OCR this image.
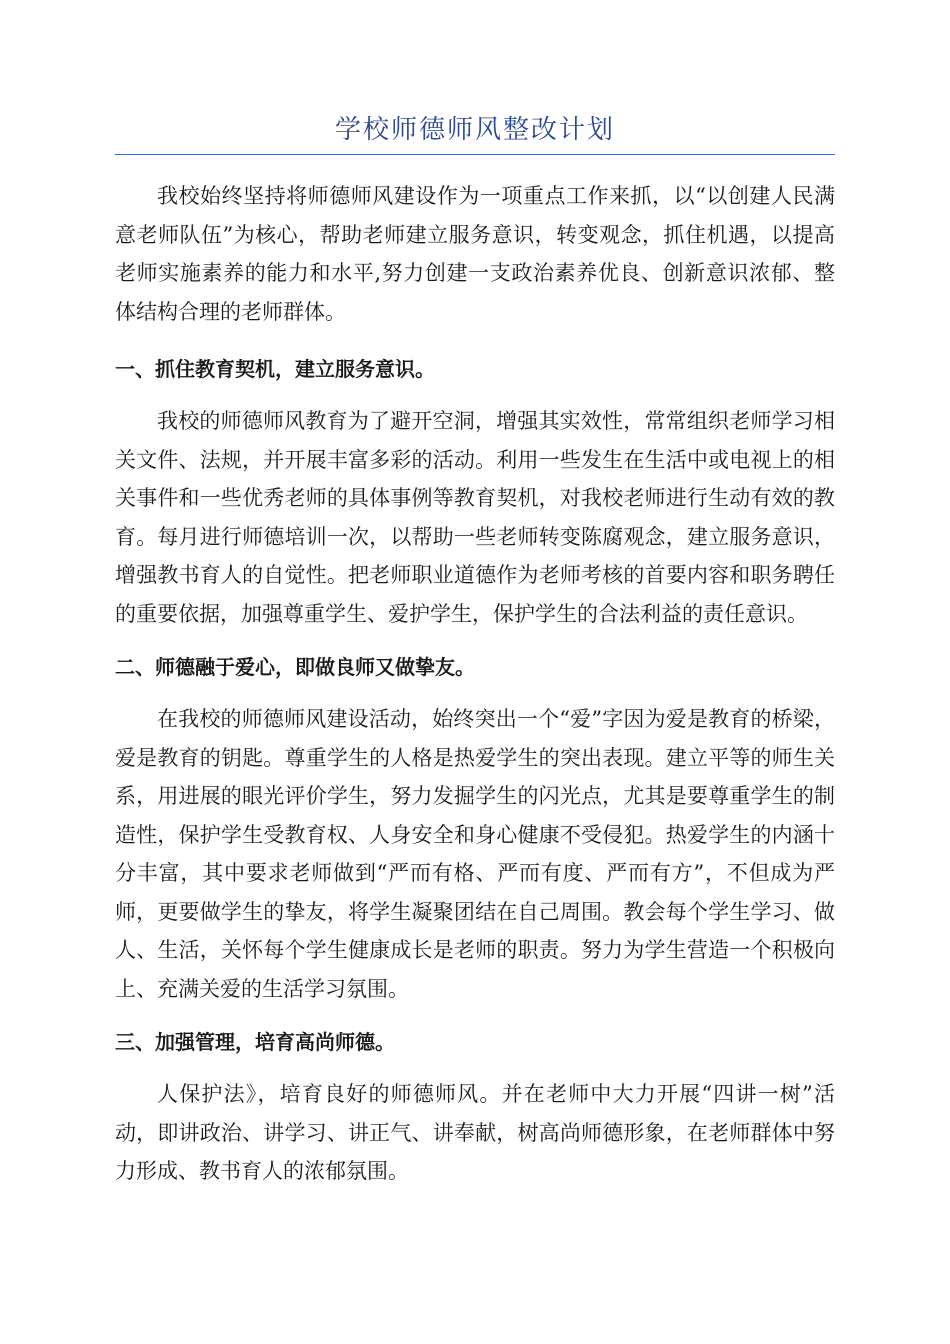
学校师德师风整改计划

我校始终坚持将师德师风建设作为一项重点工作来抓，以“以创建人民满意老师队伍”为核心，帮助老师建立服务意识，转变观念，抓住机遇，以提高老师实施素养的能力和水平,努力创建一支政治素养优良、创新意识浓郁、整体结构合理的老师群体。

一、抓住教育契机，建立服务意识。

我校的师德师风教育为了避开空洞，增强其实效性，常常组织老师学习相关文件、法规，并开展丰富多彩的活动。利用一些发生在生活中或电视上的相关事件和一些优秀老师的具体事例等教育契机，对我校老师进行生动有效的教育。每月进行师德培训一次，以帮助一些老师转变陈腐观念，建立服务意识，增强教书育人的自觉性。把老师职业道德作为老师考核的首要内容和职务聘任的重要依据，加强尊重学生、爱护学生，保护学生的合法利益的责任意识。

二、师德融于爱心，即做良师又做挚友。

在我校的师德师风建设活动，始终突出一个“爱”字因为爱是教育的桥梁，爱是教育的钥匙。尊重学生的人格是热爱学生的突出表现。建立平等的师生关系，用进展的眼光评价学生，努力发掘学生的闪光点，尤其是要尊重学生的制造性，保护学生受教育权、人身安全和身心健康不受侵犯。热爱学生的内涵十分丰富，其中要求老师做到“严而有格、严而有度、严而有方”，不但成为严师，更要做学生的挚友，将学生凝聚团结在自己周围。教会每个学生学习、做人、生活，关怀每个学生健康成长是老师的职责。努力为学生营造一个积极向上、充满关爱的生活学习氛围。

三、加强管理，培育高尚师德。

人保护法》，培育良好的师德师风。并在老师中大力开展“四讲一树”活动，即讲政治、讲学习、讲正气、讲奉献，树高尚师德形象，在老师群体中努力形成、教书育人的浓郁氛围。
